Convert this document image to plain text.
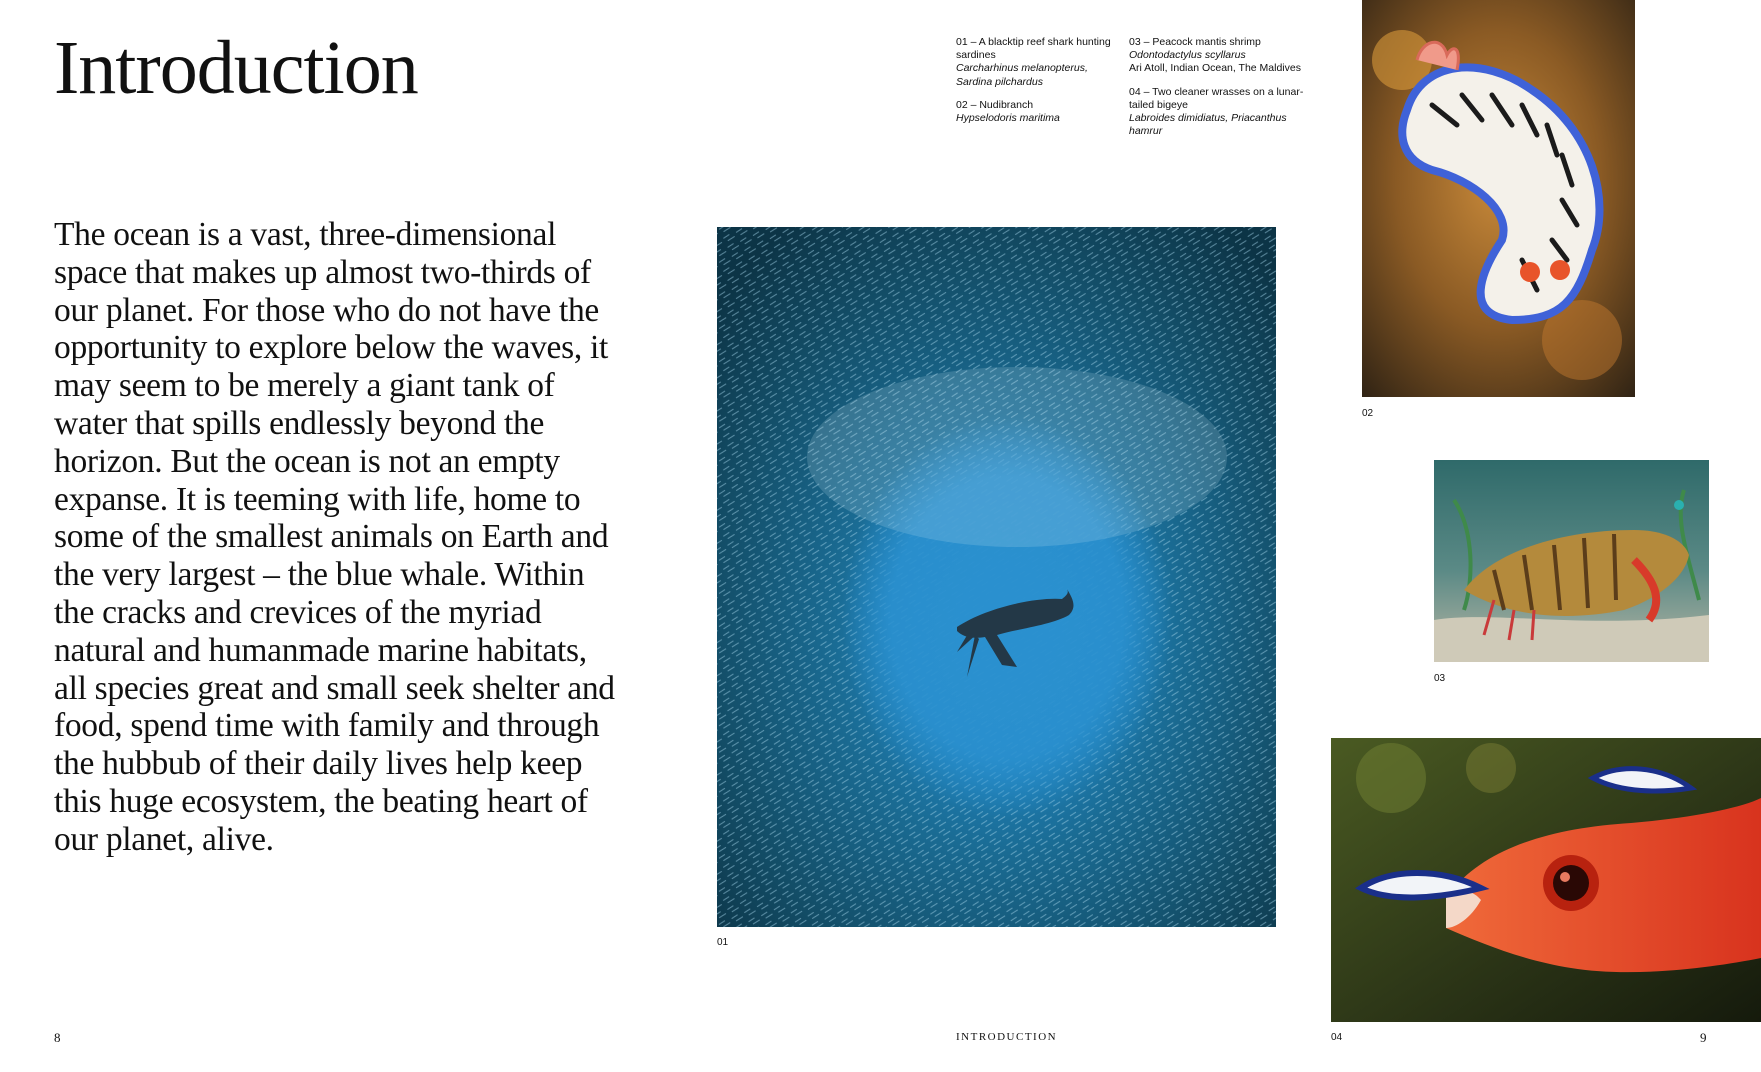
Introduction

The ocean is a vast, three-dimensional space that makes up almost two-thirds of our planet. For those who do not have the opportunity to explore below the waves, it may seem to be merely a giant tank of water that spills endlessly beyond the horizon. But the ocean is not an empty expanse. It is teeming with life, home to some of the smallest animals on Earth and the very largest – the blue whale. Within the cracks and crevices of the myriad natural and humanmade marine habitats, all species great and small seek shelter and food, spend time with family and through the hubbub of their daily lives help keep this huge ecosystem, the beating heart of our planet, alive.

01 – A blacktip reef shark hunting sardines
Carcharhinus melanopterus, Sardina pilchardus

02 – Nudibranch
Hypselodoris maritima

03 – Peacock mantis shrimp
Odontodactylus scyllarus
Ari Atoll, Indian Ocean, The Maldives

04 – Two cleaner wrasses on a lunar-tailed bigeye
Labroides dimidiatus, Priacanthus hamrur

01
02
03
04
8	INTRODUCTION	9
